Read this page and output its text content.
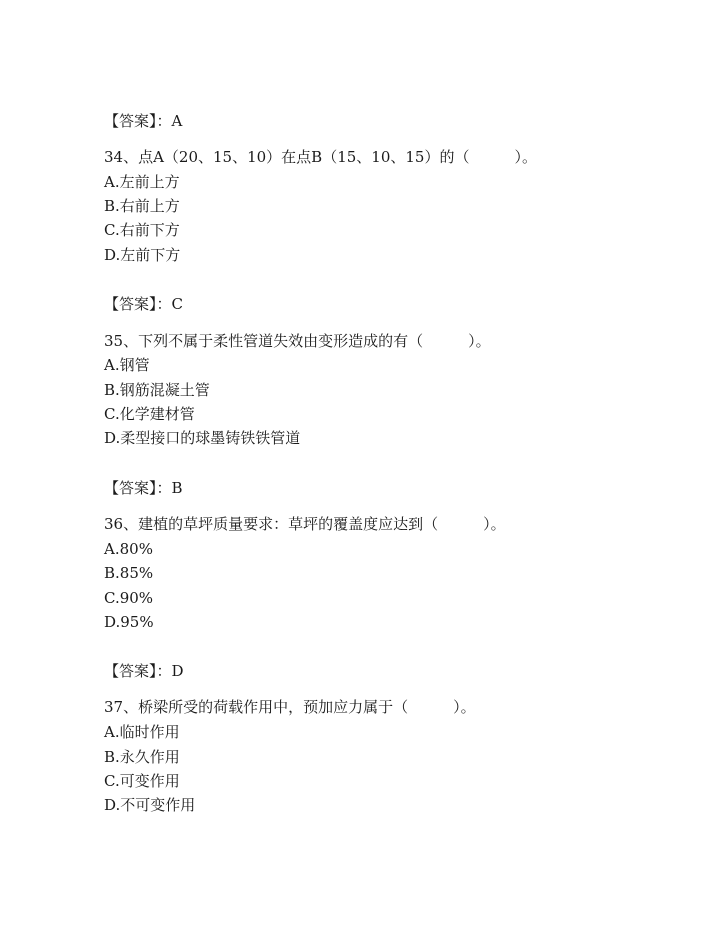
【答案】：A
34、点A（20、15、10）在点B（15、10、15）的（　　　）。
A.左前上方
B.右前上方
C.右前下方
D.左前下方
【答案】：C
35、下列不属于柔性管道失效由变形造成的有（　　　）。
A.钢管
B.钢筋混凝土管
C.化学建材管
D.柔型接口的球墨铸铁铁管道
【答案】：B
36、建植的草坪质量要求：草坪的覆盖度应达到（　　　）。
A.80%
B.85%
C.90%
D.95%
【答案】：D
37、桥梁所受的荷载作用中，预加应力属于（　　　）。
A.临时作用
B.永久作用
C.可变作用
D.不可变作用
